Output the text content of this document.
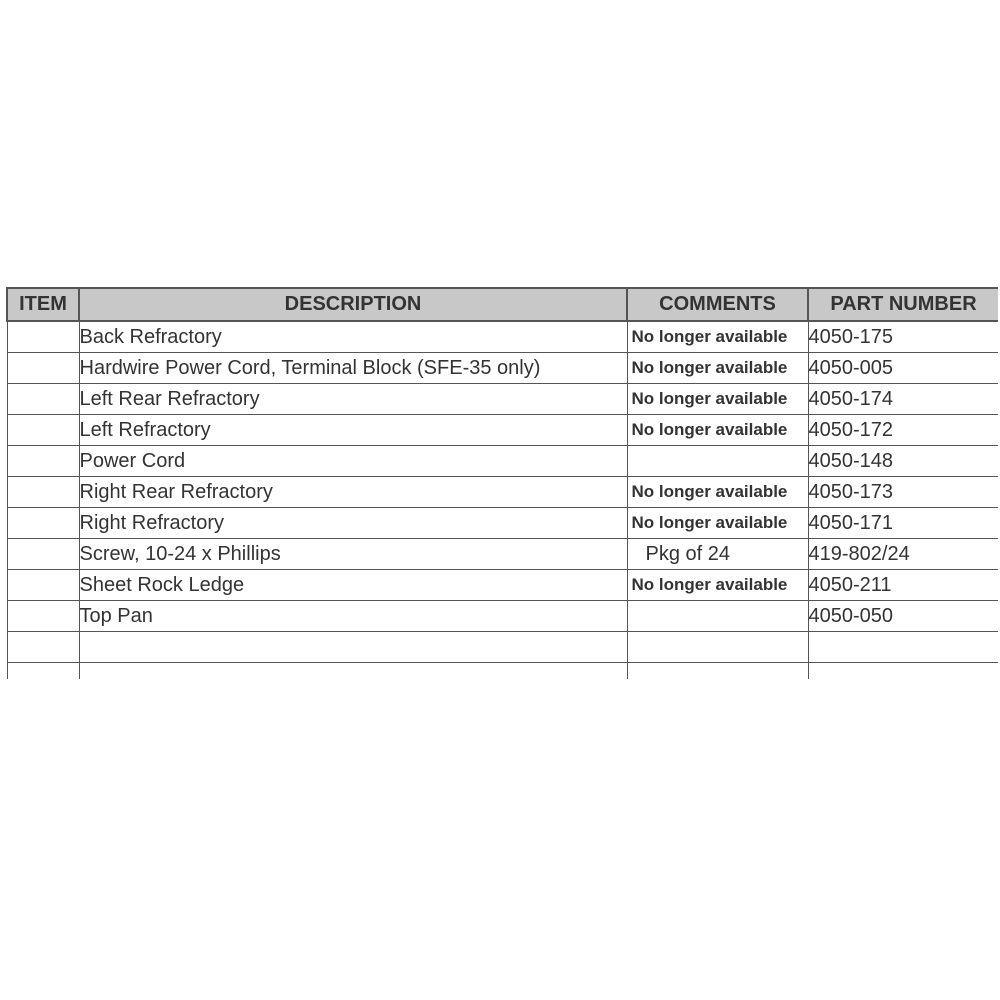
ITEM	DESCRIPTION	COMMENTS	PART NUMBER
	Back Refractory	No longer available	4050-175
	Hardwire Power Cord, Terminal Block (SFE-35 only)	No longer available	4050-005
	Left Rear Refractory	No longer available	4050-174
	Left Refractory	No longer available	4050-172
	Power Cord		4050-148
	Right Rear Refractory	No longer available	4050-173
	Right Refractory	No longer available	4050-171
	Screw, 10-24 x Phillips	Pkg of 24	419-802/24
	Sheet Rock Ledge	No longer available	4050-211
	Top Pan		4050-050
